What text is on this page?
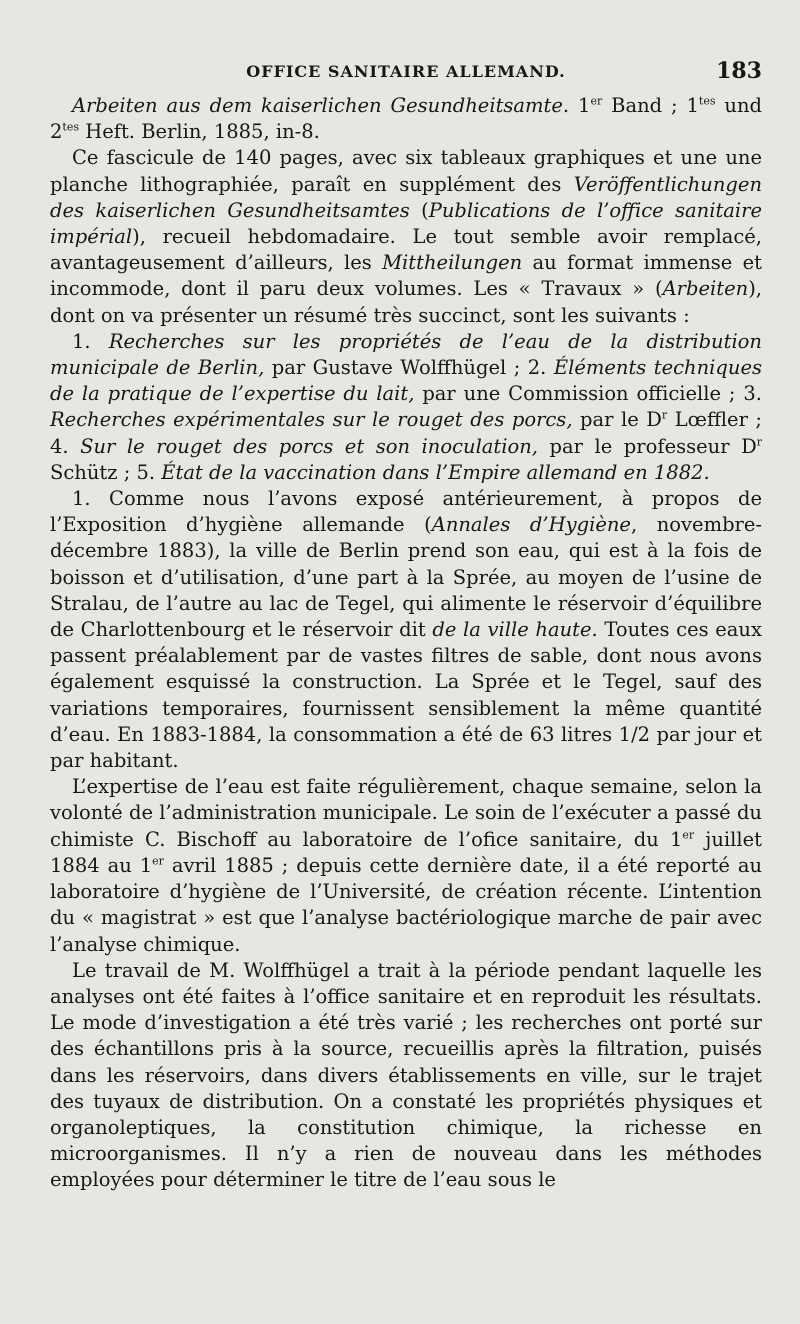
OFFICE SANITAIRE ALLEMAND.	183

Arbeiten aus dem kaiserlichen Gesundheitsamte. 1er Band ; $1^{tes}$ und $2^{tes}$ Heft. Berlin, 1885, in-8.

Ce fascicule de 140 pages, avec six tableaux graphiques et une une planche lithographiée, paraît en supplément des Veröffentlichungen des kaiserlichen Gesundheitsamtes (Publications de l’office sanitaire impérial), recueil hebdomadaire. Le tout semble avoir remplacé, avantageusement d’ailleurs, les Mittheilungen au format immense et incommode, dont il paru deux volumes. Les « Travaux » (Arbeiten), dont on va présenter un résumé très succinct, sont les suivants :

1. Recherches sur les propriétés de l’eau de la distribution municipale de Berlin, par Gustave Wolffhügel ; 2. Éléments techniques de la pratique de l’expertise du lait, par une Commission officielle ; 3. Recherches expérimentales sur le rouget des porcs, par le $D^r$ Lœffler ; 4. Sur le rouget des porcs et son inoculation, par le professeur $D^r$ Schütz ; 5. État de la vaccination dans l’Empire allemand en 1882.

1. Comme nous l’avons exposé antérieurement, à propos de l’Exposition d’hygiène allemande (Annales d’Hygiène, novembre-décembre 1883), la ville de Berlin prend son eau, qui est à la fois de boisson et d’utilisation, d’une part à la Sprée, au moyen de l’usine de Stralau, de l’autre au lac de Tegel, qui alimente le réservoir d’équilibre de Charlottenbourg et le réservoir dit de la ville haute. Toutes ces eaux passent préalablement par de vastes filtres de sable, dont nous avons également esquissé la construction. La Sprée et le Tegel, sauf des variations temporaires, fournissent sensiblement la même quantité d’eau. En 1883-1884, la consommation a été de 63 litres 1/2 par jour et par habitant.

L’expertise de l’eau est faite régulièrement, chaque semaine, selon la volonté de l’administration municipale. Le soin de l’exécuter a passé du chimiste C. Bischoff au laboratoire de l’ofice sanitaire, du 1er juillet 1884 au 1er avril 1885 ; depuis cette dernière date, il a été reporté au laboratoire d’hygiène de l’Université, de création récente. L’intention du « magistrat » est que l’analyse bactériologique marche de pair avec l’analyse chimique.

Le travail de M. Wolffhügel a trait à la période pendant laquelle les analyses ont été faites à l’office sanitaire et en reproduit les résultats. Le mode d’investigation a été très varié ; les recherches ont porté sur des échantillons pris à la source, recueillis après la filtration, puisés dans les réservoirs, dans divers établissements en ville, sur le trajet des tuyaux de distribution. On a constaté les propriétés physiques et organoleptiques, la constitution chimique, la richesse en microorganismes. Il n’y a rien de nouveau dans les méthodes employées pour déterminer le titre de l’eau sous le
